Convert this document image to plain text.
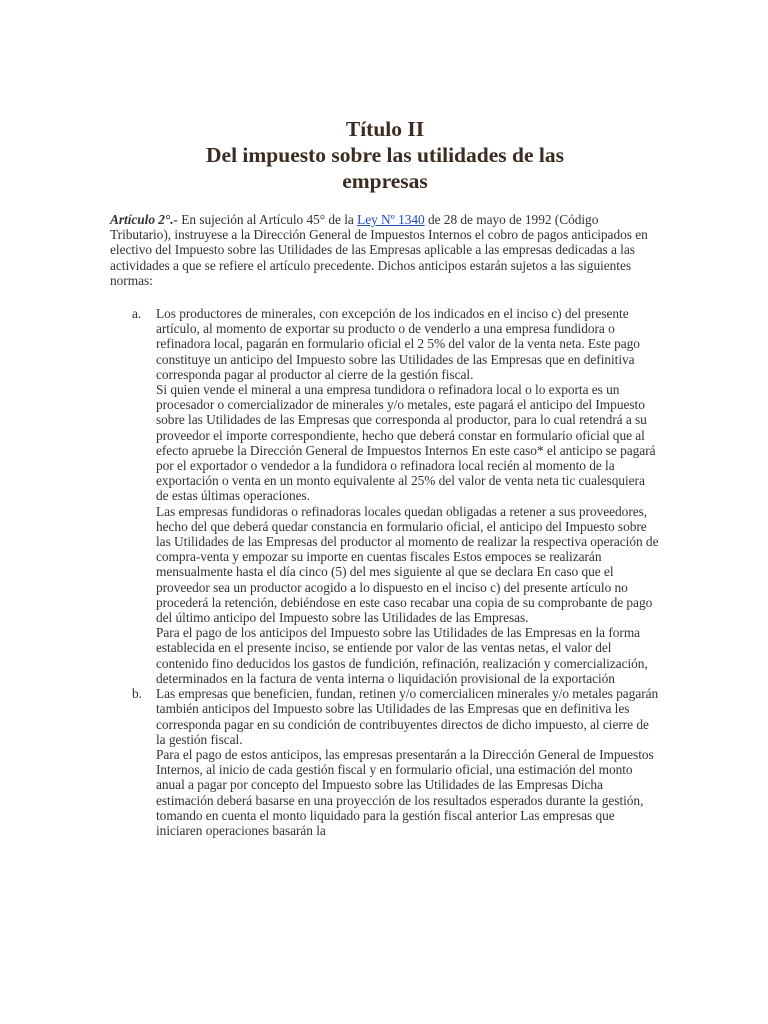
Título II
Del impuesto sobre las utilidades de las
empresas

Artículo 2°.- En sujeción al Artículo 45° de la Ley Nº 1340 de 28 de mayo de 1992 (Código Tributario), instruyese a la Dirección General de Impuestos Internos el cobro de pagos anticipados en electivo del Impuesto sobre las Utilidades de las Empresas aplicable a las empresas dedicadas a las actividades a que se refiere el artículo precedente. Dichos anticipos estarán sujetos a las siguientes normas:

a. Los productores de minerales, con excepción de los indicados en el inciso c) del presente artículo, al momento de exportar su producto o de venderlo a una empresa fundidora o refinadora local, pagarán en formulario oficial el 2 5% del valor de la venta neta. Este pago constituye un anticipo del Impuesto sobre las Utilidades de las Empresas que en definitiva corresponda pagar al productor al cierre de la gestión fiscal.

Si quien vende el mineral a una empresa tundidora o refinadora local o lo exporta es un procesador o comercializador de minerales y/o metales, este pagará el anticipo del Impuesto sobre las Utilidades de las Empresas que corresponda al productor, para lo cual retendrá a su proveedor el importe correspondiente, hecho que deberá constar en formulario oficial que al efecto apruebe la Dirección General de Impuestos Internos En este caso* el anticipo se pagará por el exportador o vendedor a la fundidora o refinadora local recién al momento de la exportación o venta en un monto equivalente al 25% del valor de venta neta tic cualesquiera de estas últimas operaciones.

Las empresas fundidoras o refinadoras locales quedan obligadas a retener a sus proveedores, hecho del que deberá quedar constancia en formulario oficial, el anticipo del Impuesto sobre las Utilidades de las Empresas del productor al momento de realizar la respectiva operación de compra-venta y empozar su importe en cuentas fiscales Estos empoces se realizarán mensualmente hasta el día cinco (5) del mes siguiente al que se declara En caso que el proveedor sea un productor acogido a lo dispuesto en el inciso c) del presente artículo no procederá la retención, debiéndose en este caso recabar una copia de su comprobante de pago del último anticipo del Impuesto sobre las Utilidades de las Empresas.

Para el pago de los anticipos del Impuesto sobre las Utilidades de las Empresas en la forma establecida en el presente inciso, se entiende por valor de las ventas netas, el valor del contenido fino deducidos los gastos de fundición, refinación, realización y comercialización, determinados en la factura de venta interna o liquidación provisional de la exportación

b. Las empresas que beneficien, fundan, retinen y/o comercialicen minerales y/o metales pagarán también anticipos del Impuesto sobre las Utilidades de las Empresas que en definitiva les corresponda pagar en su condición de contribuyentes directos de dicho impuesto, al cierre de la gestión fiscal.

Para el pago de estos anticipos, las empresas presentarán a la Dirección General de Impuestos Internos, al inicio de cada gestión fiscal y en formulario oficial, una estimación del monto anual a pagar por concepto del Impuesto sobre las Utilidades de las Empresas Dicha estimación deberá basarse en una proyección de los resultados esperados durante la gestión, tomando en cuenta el monto liquidado para la gestión fiscal anterior Las empresas que iniciaren operaciones basarán la
